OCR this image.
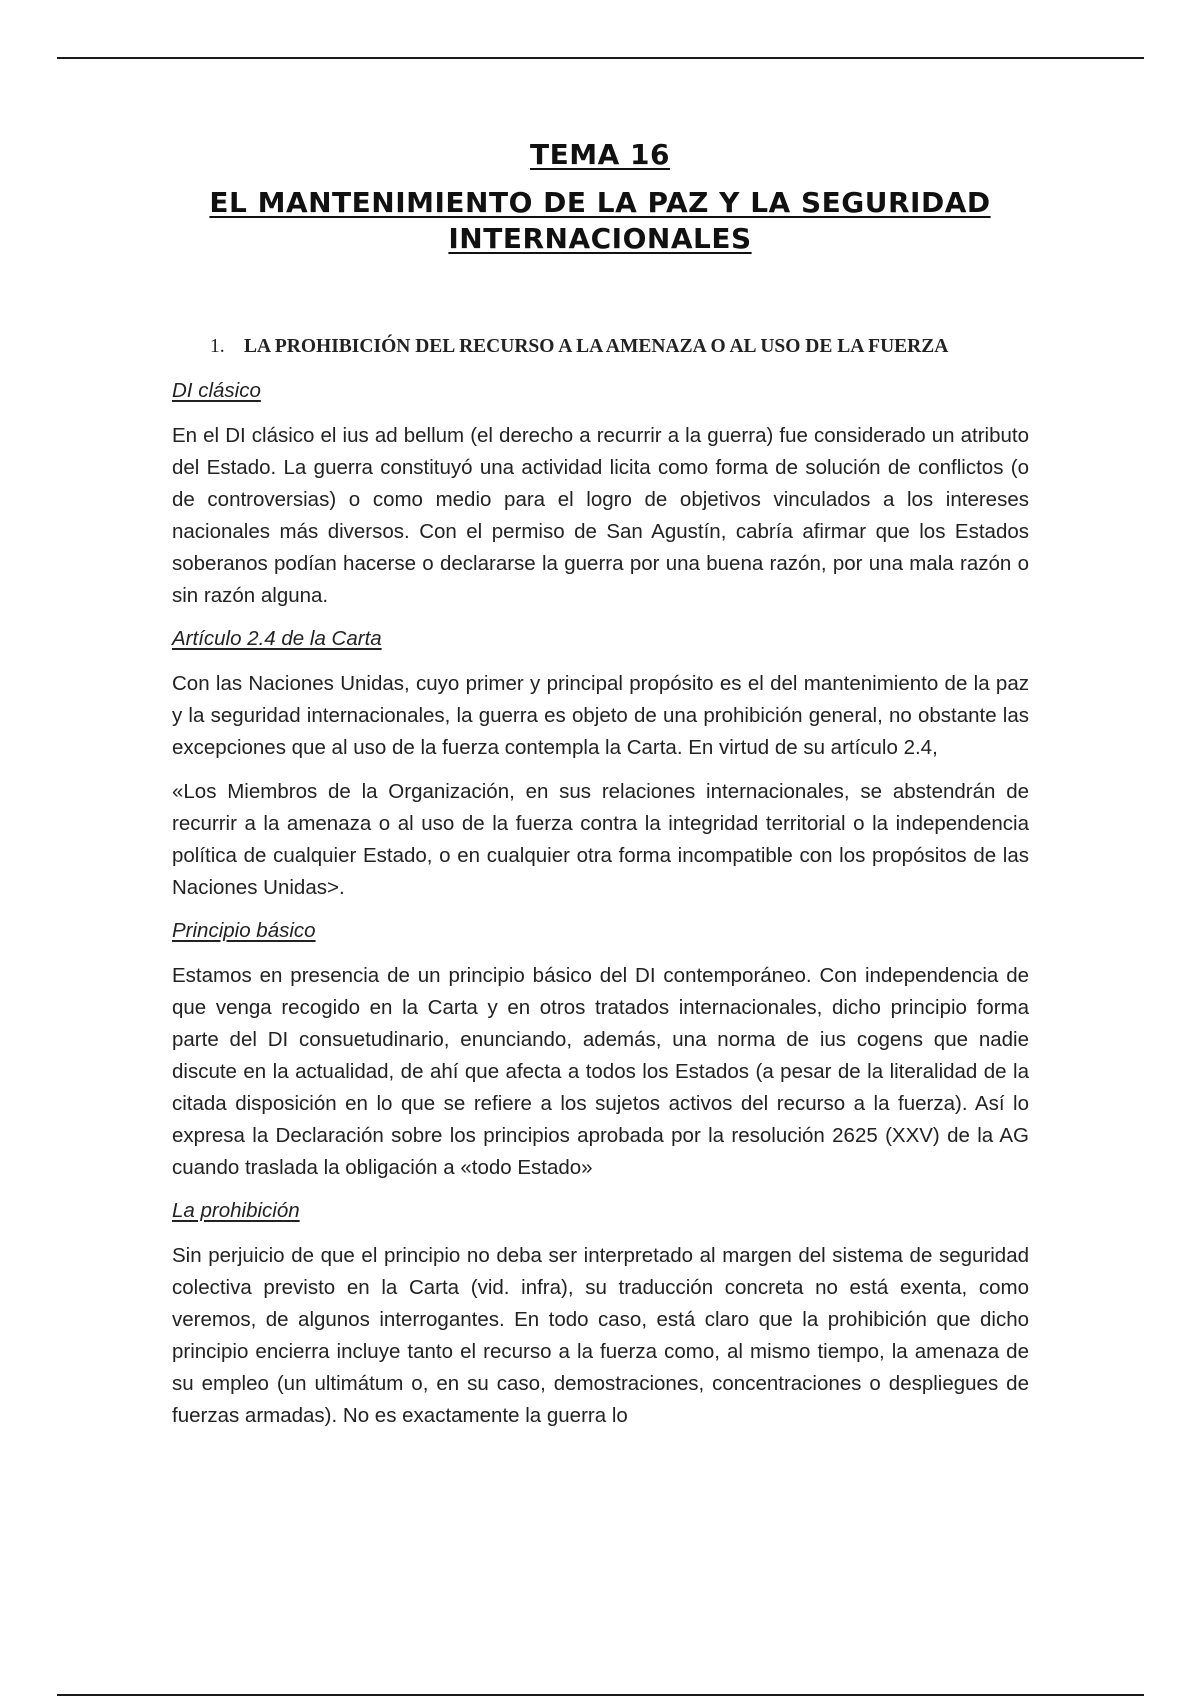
TEMA 16
EL MANTENIMIENTO DE LA PAZ Y LA SEGURIDAD INTERNACIONALES
1. LA PROHIBICIÓN DEL RECURSO A LA AMENAZA O AL USO DE LA FUERZA
DI clásico

En el DI clásico el ius ad bellum (el derecho a recurrir a la guerra) fue considerado un atributo del Estado. La guerra constituyó una actividad licita como forma de solución de conflictos (o de controversias) o como medio para el logro de objetivos vinculados a los intereses nacionales más diversos. Con el permiso de San Agustín, cabría afirmar que los Estados soberanos podían hacerse o declararse la guerra por una buena razón, por una mala razón o sin razón alguna.

Artículo 2.4 de la Carta

Con las Naciones Unidas, cuyo primer y principal propósito es el del mantenimiento de la paz y la seguridad internacionales, la guerra es objeto de una prohibición general, no obstante las excepciones que al uso de la fuerza contempla la Carta. En virtud de su artículo 2.4,

«Los Miembros de la Organización, en sus relaciones internacionales, se abstendrán de recurrir a la amenaza o al uso de la fuerza contra la integridad territorial o la independencia política de cualquier Estado, o en cualquier otra forma incompatible con los propósitos de las Naciones Unidas>.

Principio básico

Estamos en presencia de un principio básico del DI contemporáneo. Con independencia de que venga recogido en la Carta y en otros tratados internacionales, dicho principio forma parte del DI consuetudinario, enunciando, además, una norma de ius cogens que nadie discute en la actualidad, de ahí que afecta a todos los Estados (a pesar de la literalidad de la citada disposición en lo que se refiere a los sujetos activos del recurso a la fuerza). Así lo expresa la Declaración sobre los principios aprobada por la resolución 2625 (XXV) de la AG cuando traslada la obligación a «todo Estado»

La prohibición

Sin perjuicio de que el principio no deba ser interpretado al margen del sistema de seguridad colectiva previsto en la Carta (vid. infra), su traducción concreta no está exenta, como veremos, de algunos interrogantes. En todo caso, está claro que la prohibición que dicho principio encierra incluye tanto el recurso a la fuerza como, al mismo tiempo, la amenaza de su empleo (un ultimátum o, en su caso, demostraciones, concentraciones o despliegues de fuerzas armadas). No es exactamente la guerra lo
